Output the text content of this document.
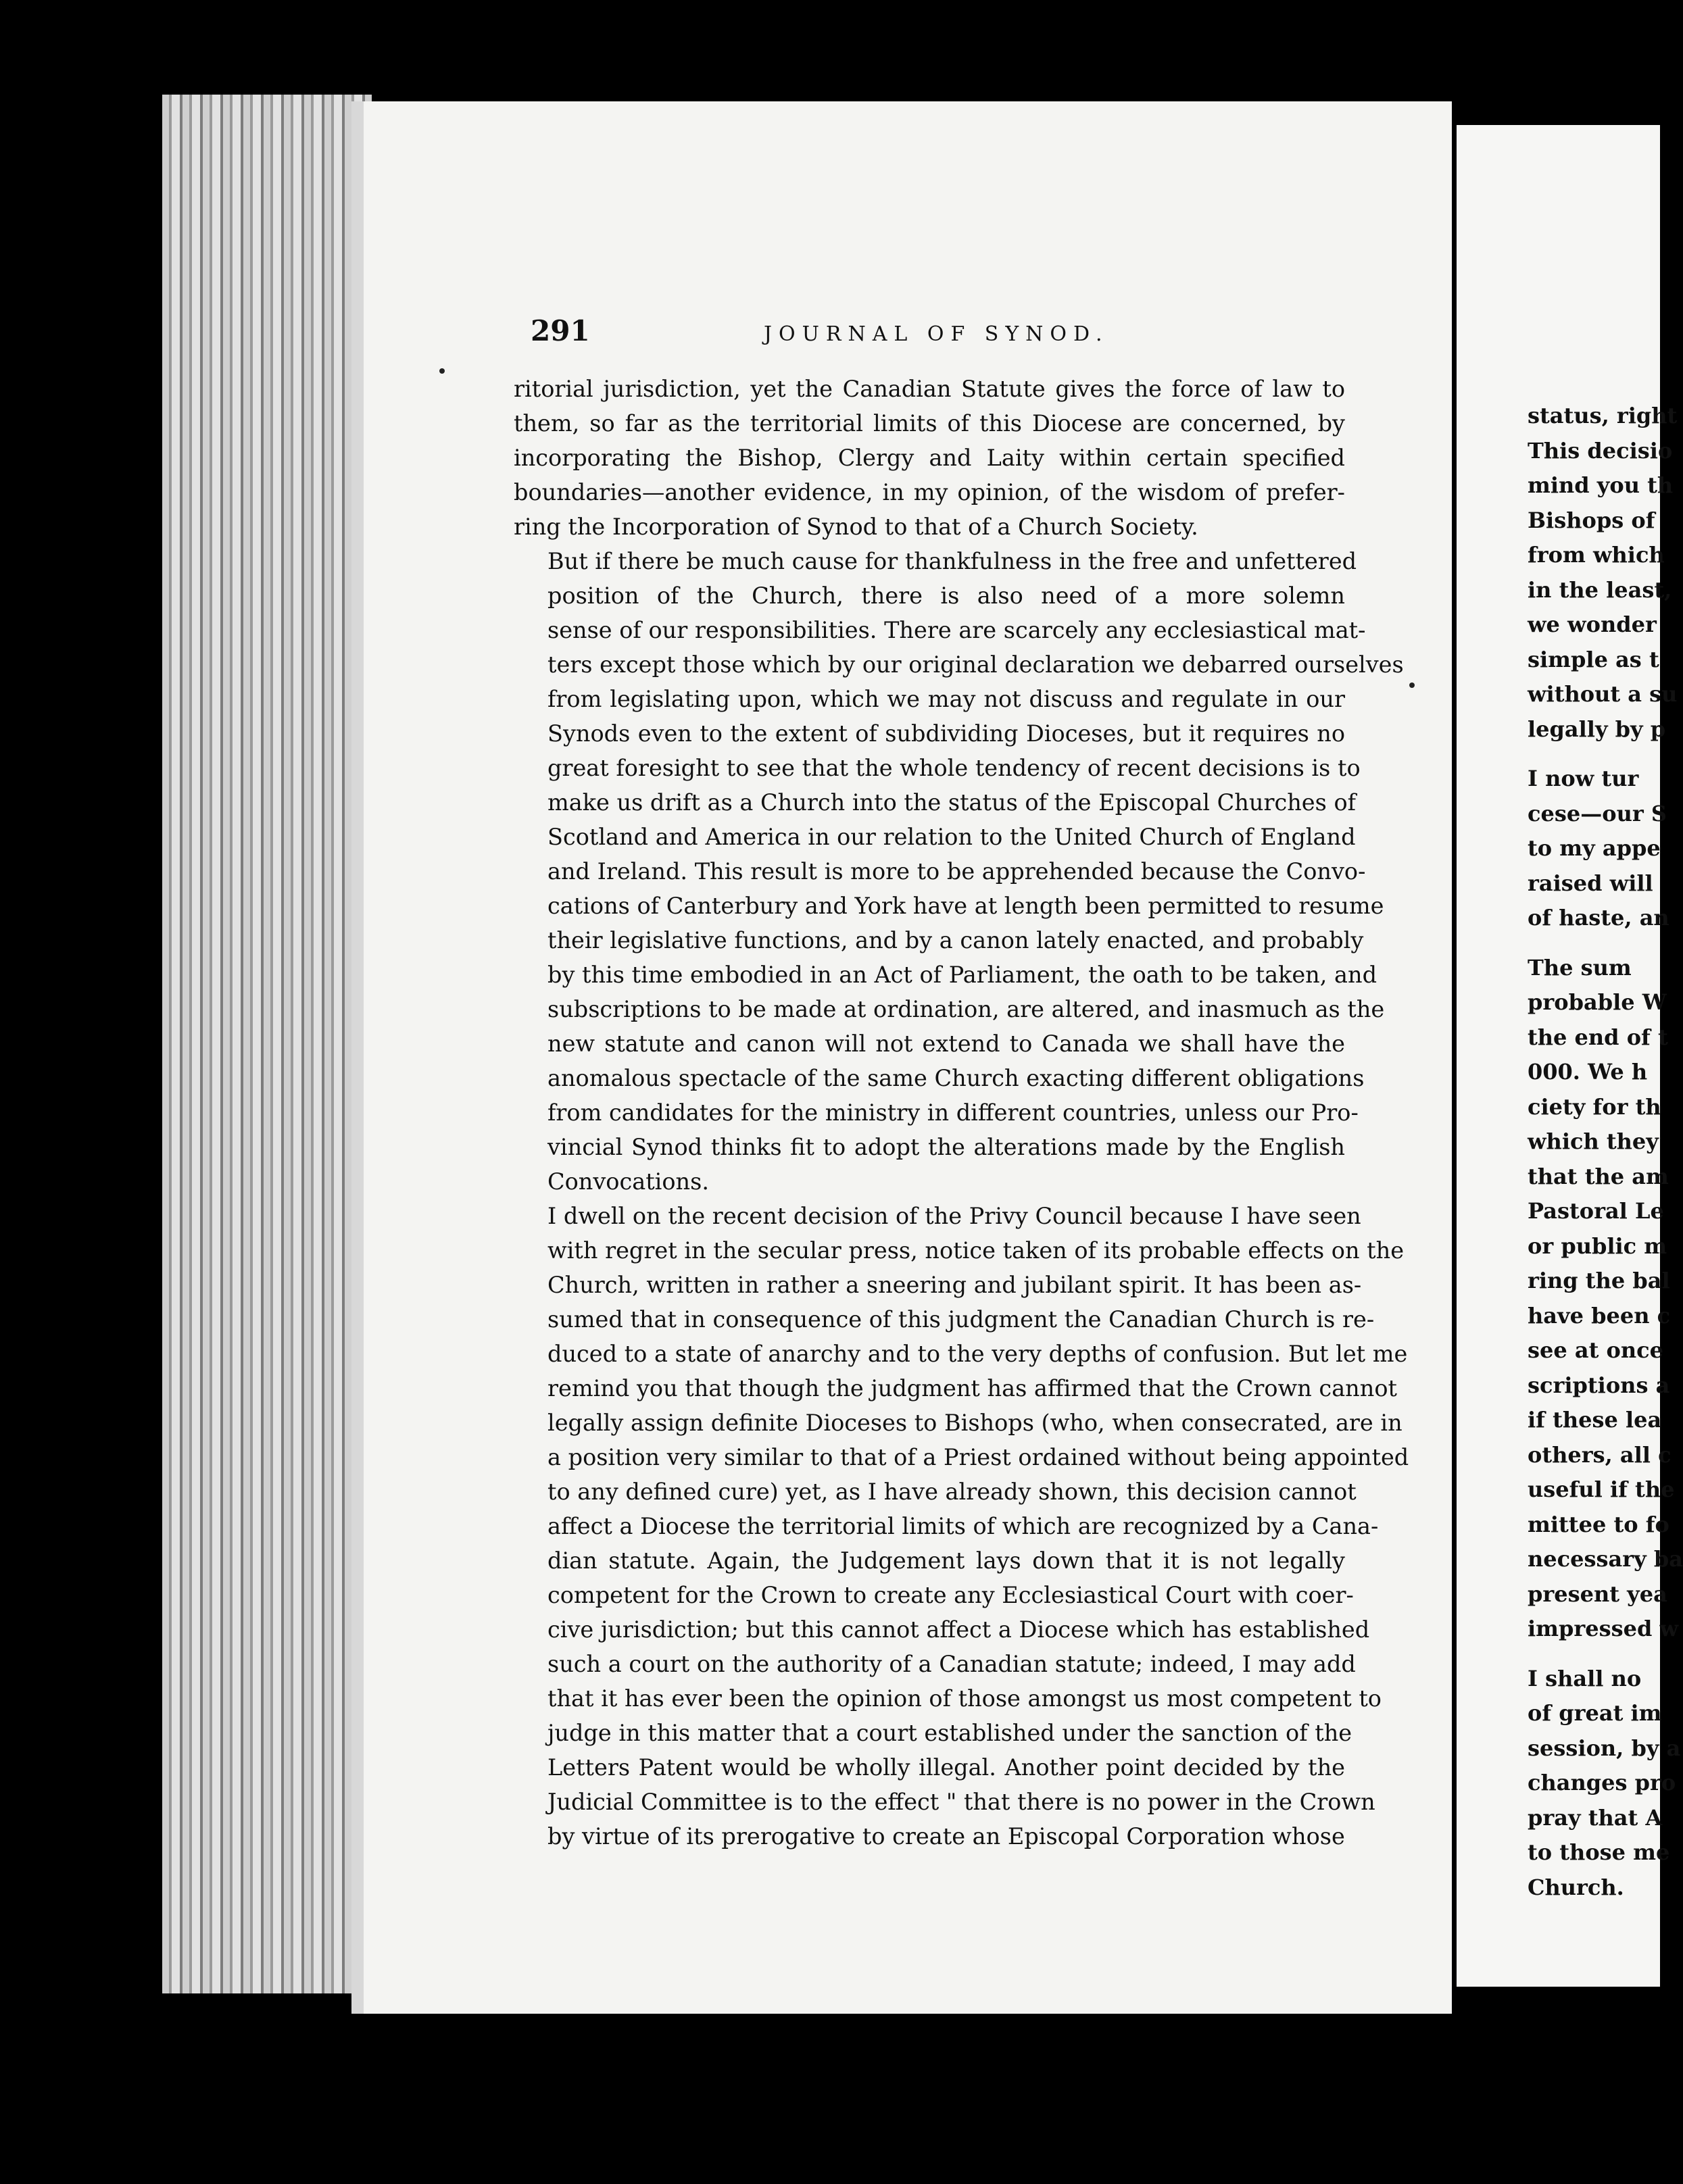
291	JOURNAL OF SYNOD.

ritorial jurisdiction, yet the Canadian Statute gives the force of law to
them, so far as the territorial limits of this Diocese are concerned, by
incorporating the Bishop, Clergy and Laity within certain specified
boundaries—another evidence, in my opinion, of the wisdom of prefer-
ring the Incorporation of Synod to that of a Church Society.

But if there be much cause for thankfulness in the free and unfettered
position of the Church, there is also need of a more solemn
sense of our responsibilities. There are scarcely any ecclesiastical mat-
ters except those which by our original declaration we debarred ourselves
from legislating upon, which we may not discuss and regulate in our
Synods even to the extent of subdividing Dioceses, but it requires no
great foresight to see that the whole tendency of recent decisions is to
make us drift as a Church into the status of the Episcopal Churches of
Scotland and America in our relation to the United Church of England
and Ireland. This result is more to be apprehended because the Convo-
cations of Canterbury and York have at length been permitted to resume
their legislative functions, and by a canon lately enacted, and probably
by this time embodied in an Act of Parliament, the oath to be taken, and
subscriptions to be made at ordination, are altered, and inasmuch as the
new statute and canon will not extend to Canada we shall have the
anomalous spectacle of the same Church exacting different obligations
from candidates for the ministry in different countries, unless our Pro-
vincial Synod thinks fit to adopt the alterations made by the English
Convocations.

I dwell on the recent decision of the Privy Council because I have seen
with regret in the secular press, notice taken of its probable effects on the
Church, written in rather a sneering and jubilant spirit. It has been as-
sumed that in consequence of this judgment the Canadian Church is re-
duced to a state of anarchy and to the very depths of confusion. But let me
remind you that though the judgment has affirmed that the Crown cannot
legally assign definite Dioceses to Bishops (who, when consecrated, are in
a position very similar to that of a Priest ordained without being appointed
to any defined cure) yet, as I have already shown, this decision cannot
affect a Diocese the territorial limits of which are recognized by a Cana-
dian statute. Again, the Judgement lays down that it is not legally
competent for the Crown to create any Ecclesiastical Court with coer-
cive jurisdiction; but this cannot affect a Diocese which has established
such a court on the authority of a Canadian statute; indeed, I may add
that it has ever been the opinion of those amongst us most competent to
judge in this matter that a court established under the sanction of the
Letters Patent would be wholly illegal. Another point decided by the
Judicial Committee is to the effect " that there is no power in the Crown
by virtue of its prerogative to create an Episcopal Corporation whose

status, right
This decisio
mind you th
Bishops of
from which
in the least,
we wonder
simple as t
without a su
legally by p
I now tur
cese—our S
to my appe
raised will
of haste, an
The sum
probable W
the end of t
000. We h
ciety for th
which they
that the am
Pastoral Le
or public m
ring the bal
have been c
see at once
scriptions a
if these lea
others, all c
useful if the
mittee to fo
necessary ba
present yea
impressed w
I shall no
of great im
session, by a
changes pro
pray that A
to those me
Church.
